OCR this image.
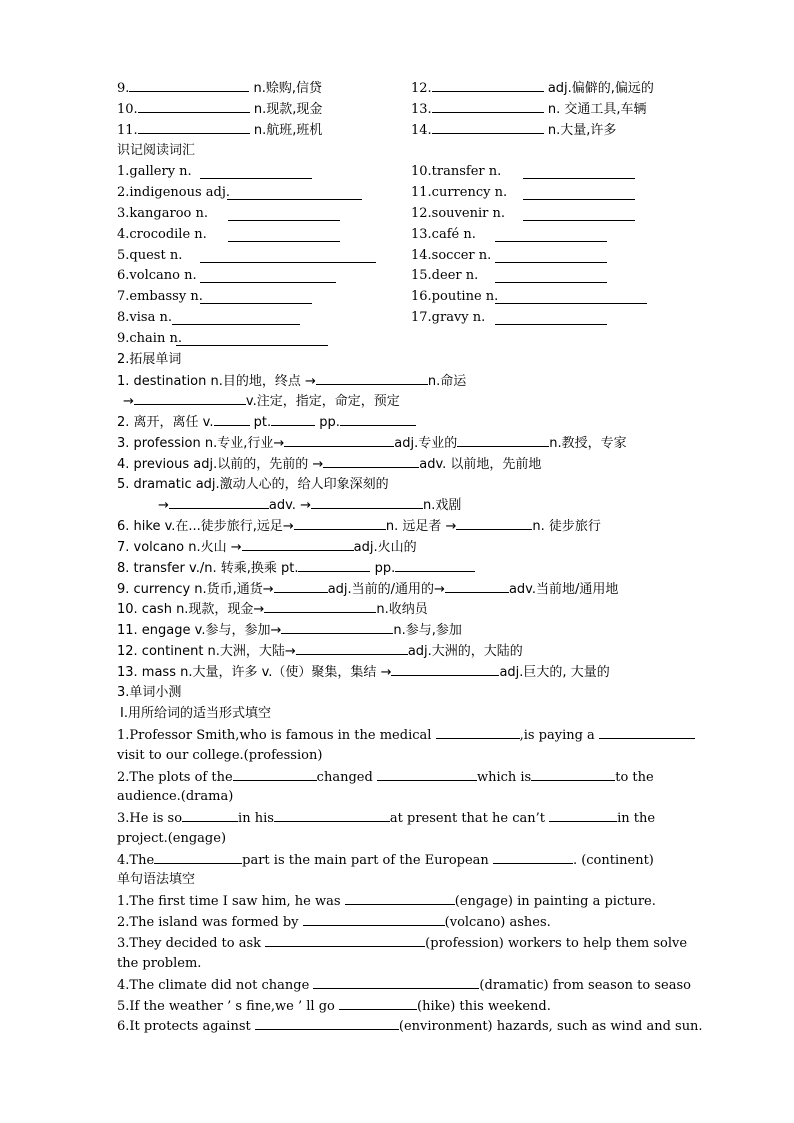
9.	n.赊购,信贷
10.	n.现款,现金
11.	n.航班,班机
12.	adj.偏僻的,偏远的
13.	n. 交通工具,车辆
14.	n.大量,许多
识记阅读词汇
1.gallery n.
2.indigenous adj.
3.kangaroo n.
4.crocodile n.
5.quest n.
6.volcano n.
7.embassy n.
8.visa n.
9.chain n.
10.transfer n.
11.currency n.
12.souvenir n.
13.café n.
14.soccer n.
15.deer n.
16.poutine n.
17.gravy n.
2.拓展单词
1. destination n.目的地，终点 →	n.命运
→	v.注定，指定，命定，预定
2. 离开，离任 v.	pt.	pp.
3. profession n.专业,行业→	adj.专业的	n.教授，专家
4. previous adj.以前的，先前的 →	adv. 以前地，先前地
5. dramatic adj.激动人心的，给人印象深刻的
→	adv. →	n.戏剧
6. hike v.在...徒步旅行,远足→	n. 远足者 →	n. 徒步旅行
7. volcano n.火山 →	adj.火山的
8. transfer v./n. 转乘,换乘 pt.	pp.
9. currency n.货币,通货→	adj.当前的/通用的→	adv.当前地/通用地
10. cash n.现款，现金→	n.收纳员
11. engage v.参与，参加→	n.参与,参加
12. continent n.大洲，大陆→	adj.大洲的，大陆的
13. mass n.大量，许多 v.（使）聚集，集结 →	adj.巨大的, 大量的
3.单词小测
Ⅰ.用所给词的适当形式填空
1.Professor Smith,who is famous in the medical	,is paying a
visit to our college.(profession)
2.The plots of the	changed	which is	to the
audience.(drama)
3.He is so	in his	at present that he can’t	in the
project.(engage)
4.The	part is the main part of the European	. (continent)
单句语法填空
1.The first time I saw him, he was	(engage) in painting a picture.
2.The island was formed by	(volcano) ashes.
3.They decided to ask	(profession) workers to help them solve
the problem.
4.The climate did not change	(dramatic) from season to seaso
5.If the weather ’ s fine,we ’ ll go	(hike) this weekend.
6.It protects against	(environment) hazards, such as wind and sun.
